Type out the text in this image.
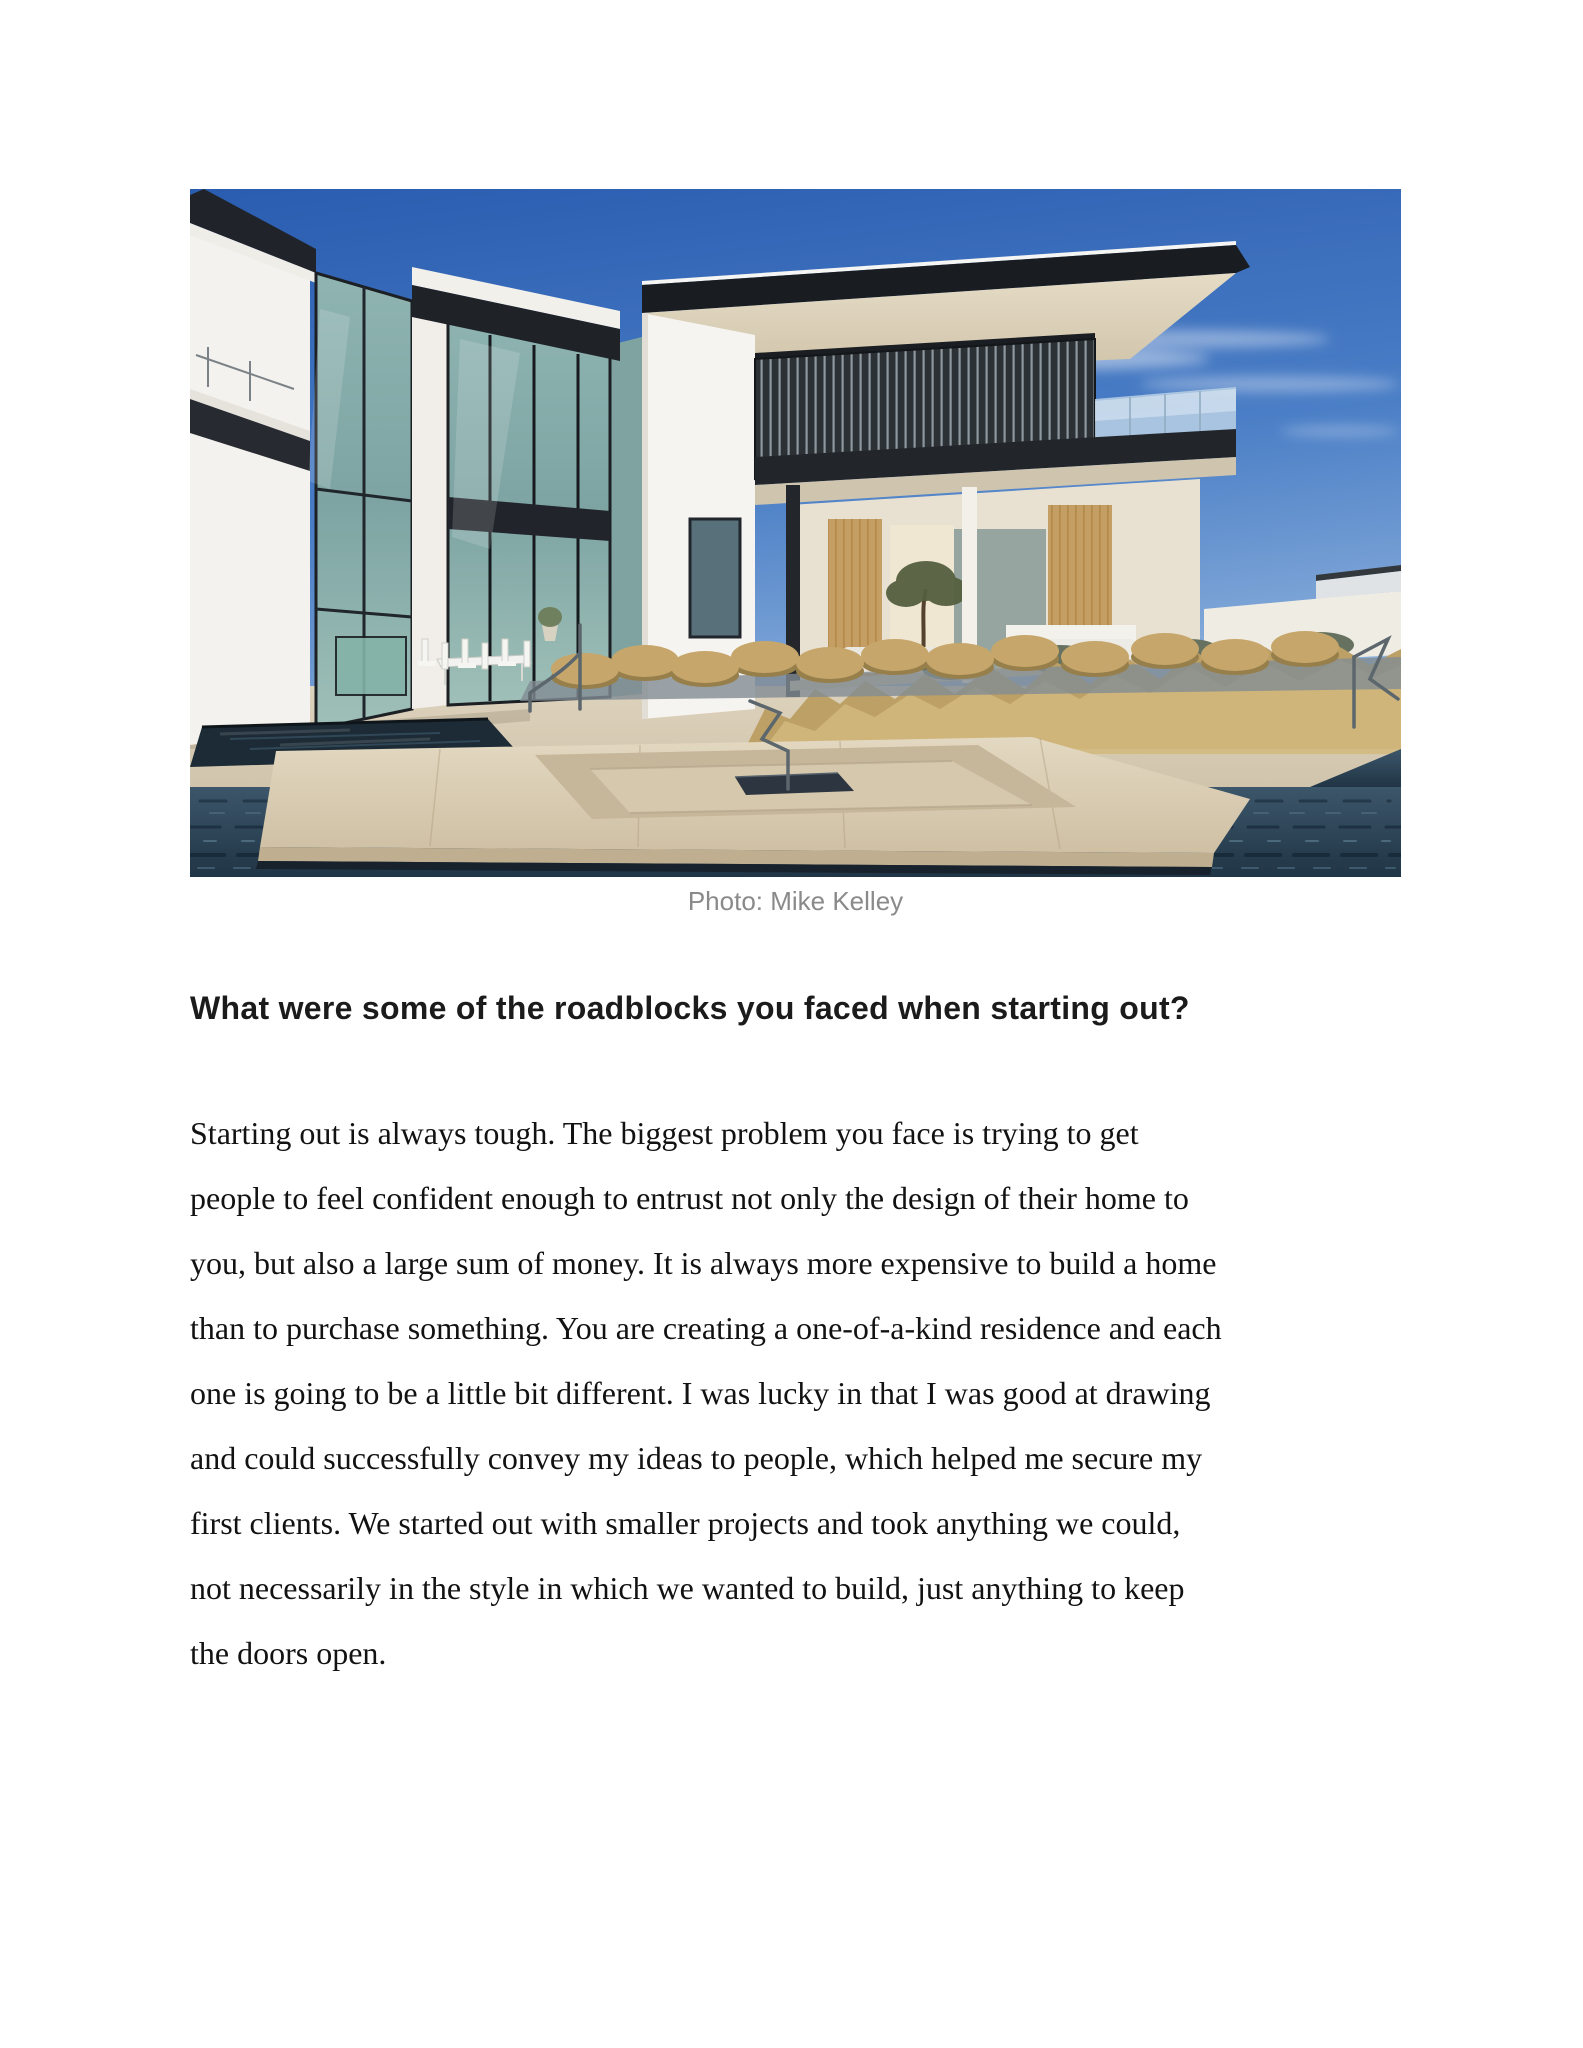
Photo: Mike Kelley
What were some of the roadblocks you faced when starting out?
Starting out is always tough. The biggest problem you face is trying to get
people to feel confident enough to entrust not only the design of their home to
you, but also a large sum of money. It is always more expensive to build a home
than to purchase something. You are creating a one-of-a-kind residence and each
one is going to be a little bit different. I was lucky in that I was good at drawing
and could successfully convey my ideas to people, which helped me secure my
first clients. We started out with smaller projects and took anything we could,
not necessarily in the style in which we wanted to build, just anything to keep
the doors open.
